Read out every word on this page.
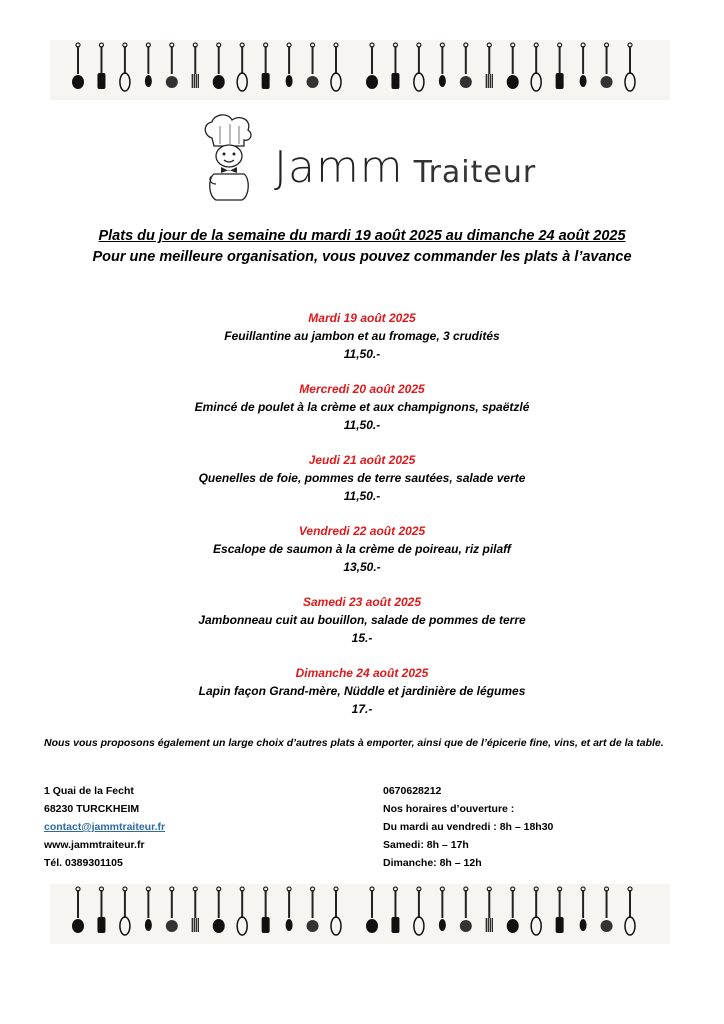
Jamm Traiteur
Plats du jour de la semaine du mardi 19 août 2025 au dimanche 24 août 2025
Pour une meilleure organisation, vous pouvez commander les plats à l’avance
Mardi 19 août 2025
Feuillantine au jambon et au fromage, 3 crudités
11,50.-
Mercredi 20 août 2025
Emincé de poulet à la crème et aux champignons, spaëtzlé
11,50.-
Jeudi 21 août 2025
Quenelles de foie, pommes de terre sautées, salade verte
11,50.-
Vendredi 22 août 2025
Escalope de saumon à la crème de poireau, riz pilaff
13,50.-
Samedi 23 août 2025
Jambonneau cuit au bouillon, salade de pommes de terre
15.-
Dimanche 24 août 2025
Lapin façon Grand-mère, Nüddle et jardinière de légumes
17.-
Nous vous proposons également un large choix d’autres plats à emporter, ainsi que de l’épicerie fine, vins, et art de la table.
1 Quai de la Fecht
68230 TURCKHEIM
contact@jammtraiteur.fr
www.jammtraiteur.fr
Tél. 0389301105
0670628212
Nos horaires d’ouverture :
Du mardi au vendredi : 8h – 18h30
Samedi: 8h – 17h
Dimanche: 8h – 12h
